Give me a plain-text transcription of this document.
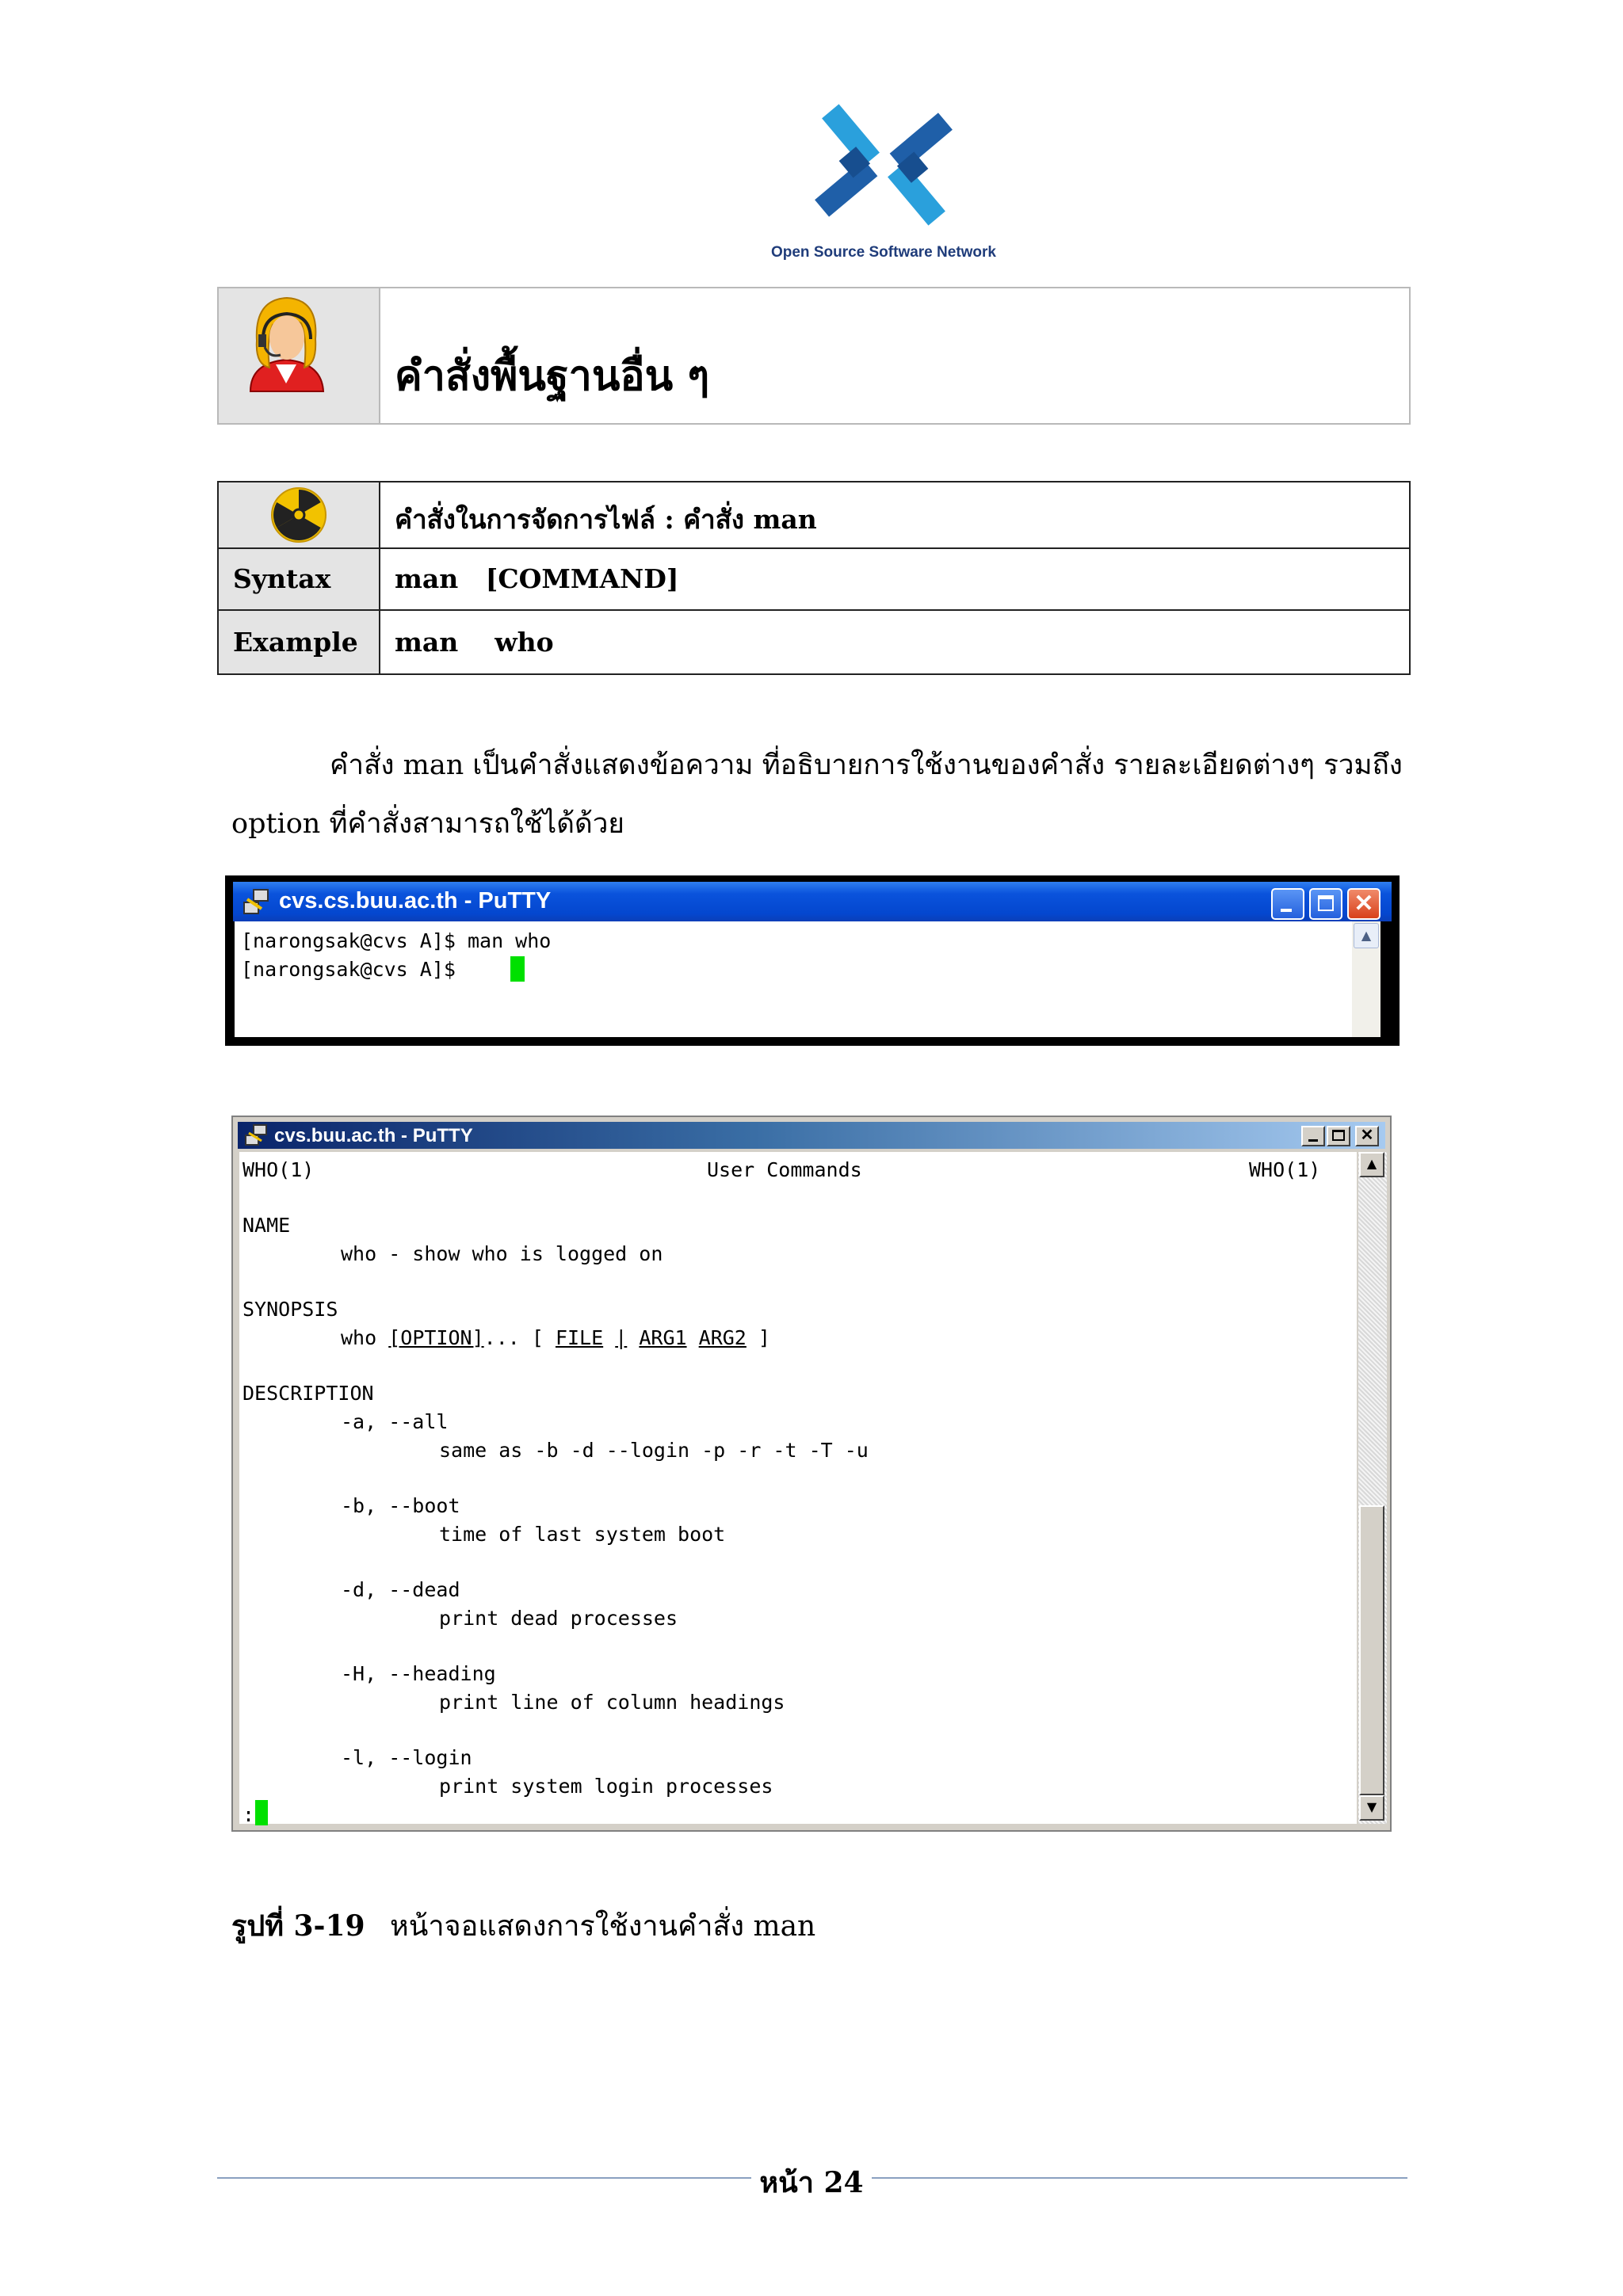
Open Source Software Network
คำสั่งพื้นฐานอื่น ๆ
คำสั่งในการจัดการไฟล์ : คำสั่ง man
Syntax man   [COMMAND]
Example man    who
คำสั่ง man เป็นคำสั่งแสดงข้อความ ที่อธิบายการใช้งานของคำสั่ง รายละเอียดต่างๆ รวมถึง
option ที่คำสั่งสามารถใช้ได้ด้วย
cvs.cs.buu.ac.th - PuTTY	✕
[narongsak@cvs A]$ man who
[narongsak@cvs A]$
▲
cvs.buu.ac.th - PuTTY	✕
WHO(1)	User Commands	WHO(1)
NAME
who - show who is logged on
SYNOPSIS
who [OPTION]... [ FILE | ARG1 ARG2 ]
DESCRIPTION
-a, --all
same as -b -d --login -p -r -t -T -u
-b, --boot
time of last system boot
-d, --dead
print dead processes
-H, --heading
print line of column headings
-l, --login
print system login processes
:
▲
▼
รูปที่ 3-19 หน้าจอแสดงการใช้งานคำสั่ง man
หน้า 24
